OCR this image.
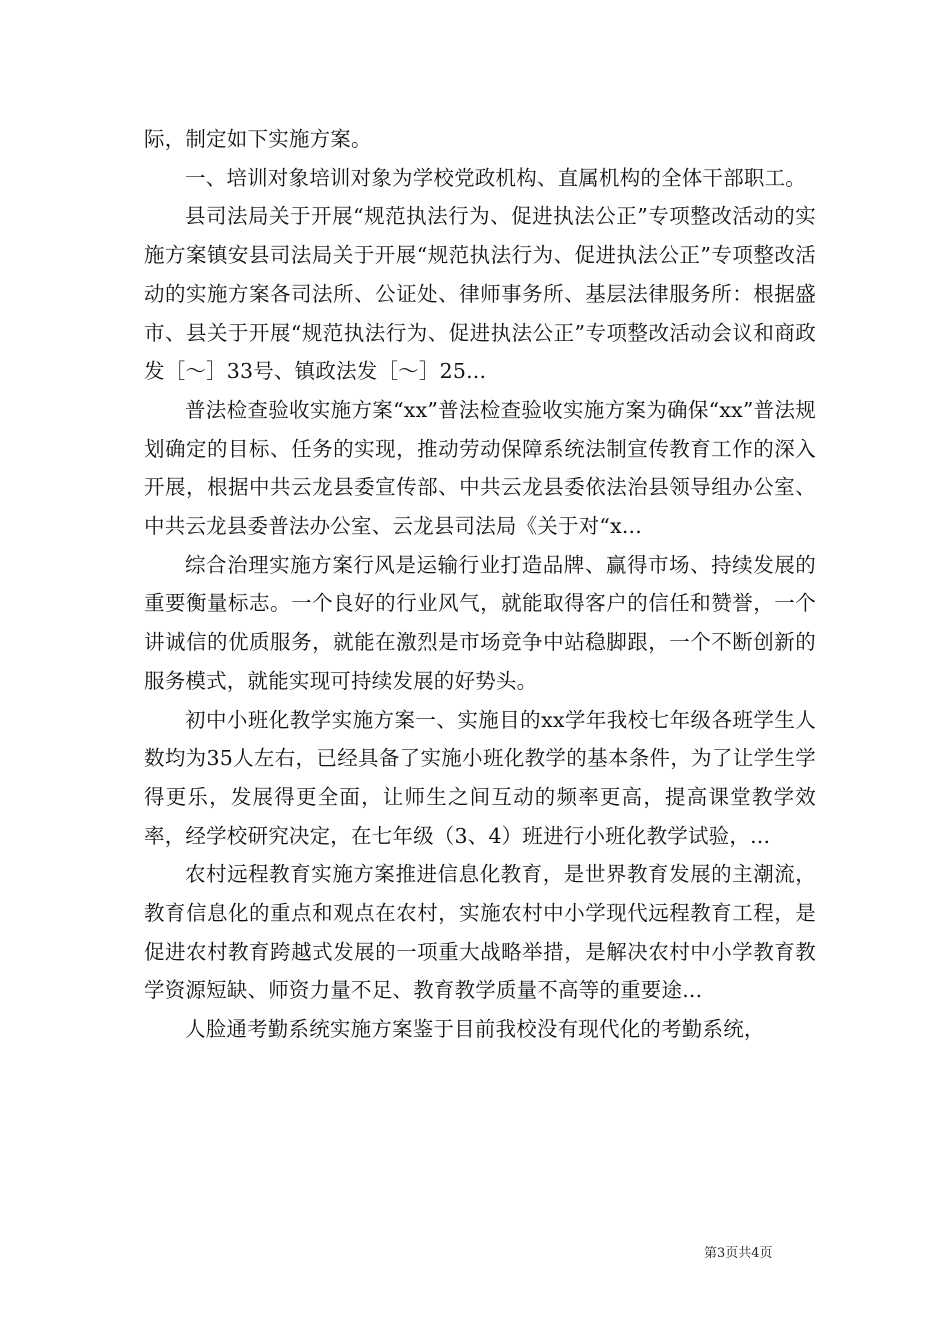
际，制定如下实施方案。

一、培训对象培训对象为学校党政机构、直属机构的全体干部职工。

县司法局关于开展“规范执法行为、促进执法公正”专项整改活动的实施方案镇安县司法局关于开展“规范执法行为、促进执法公正”专项整改活动的实施方案各司法所、公证处、律师事务所、基层法律服务所：根据盛市、县关于开展“规范执法行为、促进执法公正”专项整改活动会议和商政发［～］33号、镇政法发［～］25...

普法检查验收实施方案“xx”普法检查验收实施方案为确保“xx”普法规划确定的目标、任务的实现，推动劳动保障系统法制宣传教育工作的深入开展，根据中共云龙县委宣传部、中共云龙县委依法治县领导组办公室、中共云龙县委普法办公室、云龙县司法局《关于对“x...

综合治理实施方案行风是运输行业打造品牌、赢得市场、持续发展的重要衡量标志。一个良好的行业风气，就能取得客户的信任和赞誉，一个讲诚信的优质服务，就能在激烈是市场竞争中站稳脚跟，一个不断创新的服务模式，就能实现可持续发展的好势头。

初中小班化教学实施方案一、实施目的xx学年我校七年级各班学生人数均为35人左右，已经具备了实施小班化教学的基本条件，为了让学生学得更乐，发展得更全面，让师生之间互动的频率更高，提高课堂教学效率，经学校研究决定，在七年级（3、4）班进行小班化教学试验，...

农村远程教育实施方案推进信息化教育，是世界教育发展的主潮流，教育信息化的重点和观点在农村，实施农村中小学现代远程教育工程，是促进农村教育跨越式发展的一项重大战略举措，是解决农村中小学教育教学资源短缺、师资力量不足、教育教学质量不高等的重要途...

人脸通考勤系统实施方案鉴于目前我校没有现代化的考勤系统，

第3页共4页
